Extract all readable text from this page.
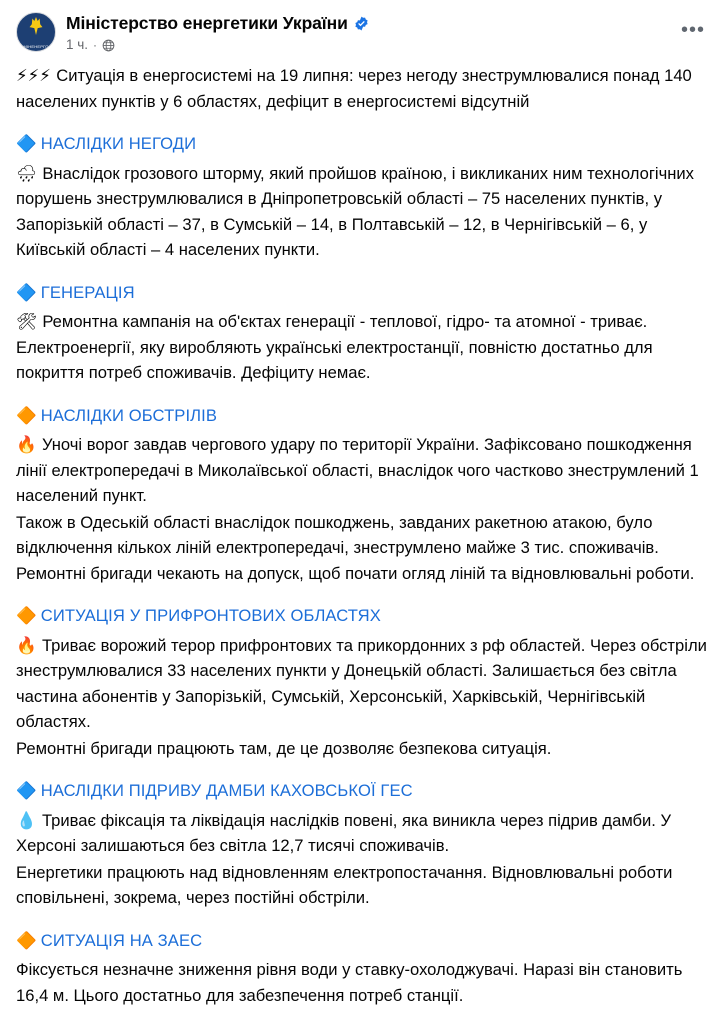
МІНЕНЕРГО
Міністерство енергетики України
1 ч. ·
•••
⚡⚡⚡ Ситуація в енергосистемі на 19 липня: через негоду знеструмлювалися понад 140 населених пунктів у 6 областях, дефіцит в енергосистемі відсутній
🔷 НАСЛІДКИ НЕГОДИ
🌧 Внаслідок грозового шторму, який пройшов країною, і викликаних ним технологічних порушень знеструмлювалися в Дніпропетровській області – 75 населених пунктів, у Запорізькій області – 37, в Сумській – 14, в Полтавській – 12, в Чернігівській – 6, у Київській області – 4 населених пункти.
🔷 ГЕНЕРАЦІЯ
🛠 Ремонтна кампанія на об'єктах генерації - теплової, гідро- та атомної - триває. Електроенергії, яку виробляють українські електростанції, повністю достатньо для покриття потреб споживачів. Дефіциту немає.
🔶 НАСЛІДКИ ОБСТРІЛІВ
🔥 Уночі ворог завдав чергового удару по території України. Зафіксовано пошкодження лінії електропередачі в Миколаївської області, внаслідок чого частково знеструмлений 1 населений пункт.
Також в Одеській області внаслідок пошкоджень, завданих ракетною атакою, було відключення кількох ліній електропередачі, знеструмлено майже 3 тис. споживачів. Ремонтні бригади чекають на допуск, щоб почати огляд ліній та відновлювальні роботи.
🔶 СИТУАЦІЯ У ПРИФРОНТОВИХ ОБЛАСТЯХ
🔥 Триває ворожий терор прифронтових та прикордонних з рф областей. Через обстріли знеструмлювалися 33 населених пункти у Донецькій області. Залишається без світла частина абонентів у Запорізькій, Сумській, Херсонській, Харківській, Чернігівській областях.
Ремонтні бригади працюють там, де це дозволяє безпекова ситуація.
🔷 НАСЛІДКИ ПІДРИВУ ДАМБИ КАХОВСЬКОЇ ГЕС
💧 Триває фіксація та ліквідація наслідків повені, яка виникла через підрив дамби. У Херсоні залишаються без світла 12,7 тисячі споживачів.
Енергетики працюють над відновленням електропостачання. Відновлювальні роботи сповільнені, зокрема, через постійні обстріли.
🔶 СИТУАЦІЯ НА ЗАЕС
Фіксується незначне зниження рівня води у ставку-охолоджувачі. Наразі він становить 16,4 м. Цього достатньо для забезпечення потреб станції.
